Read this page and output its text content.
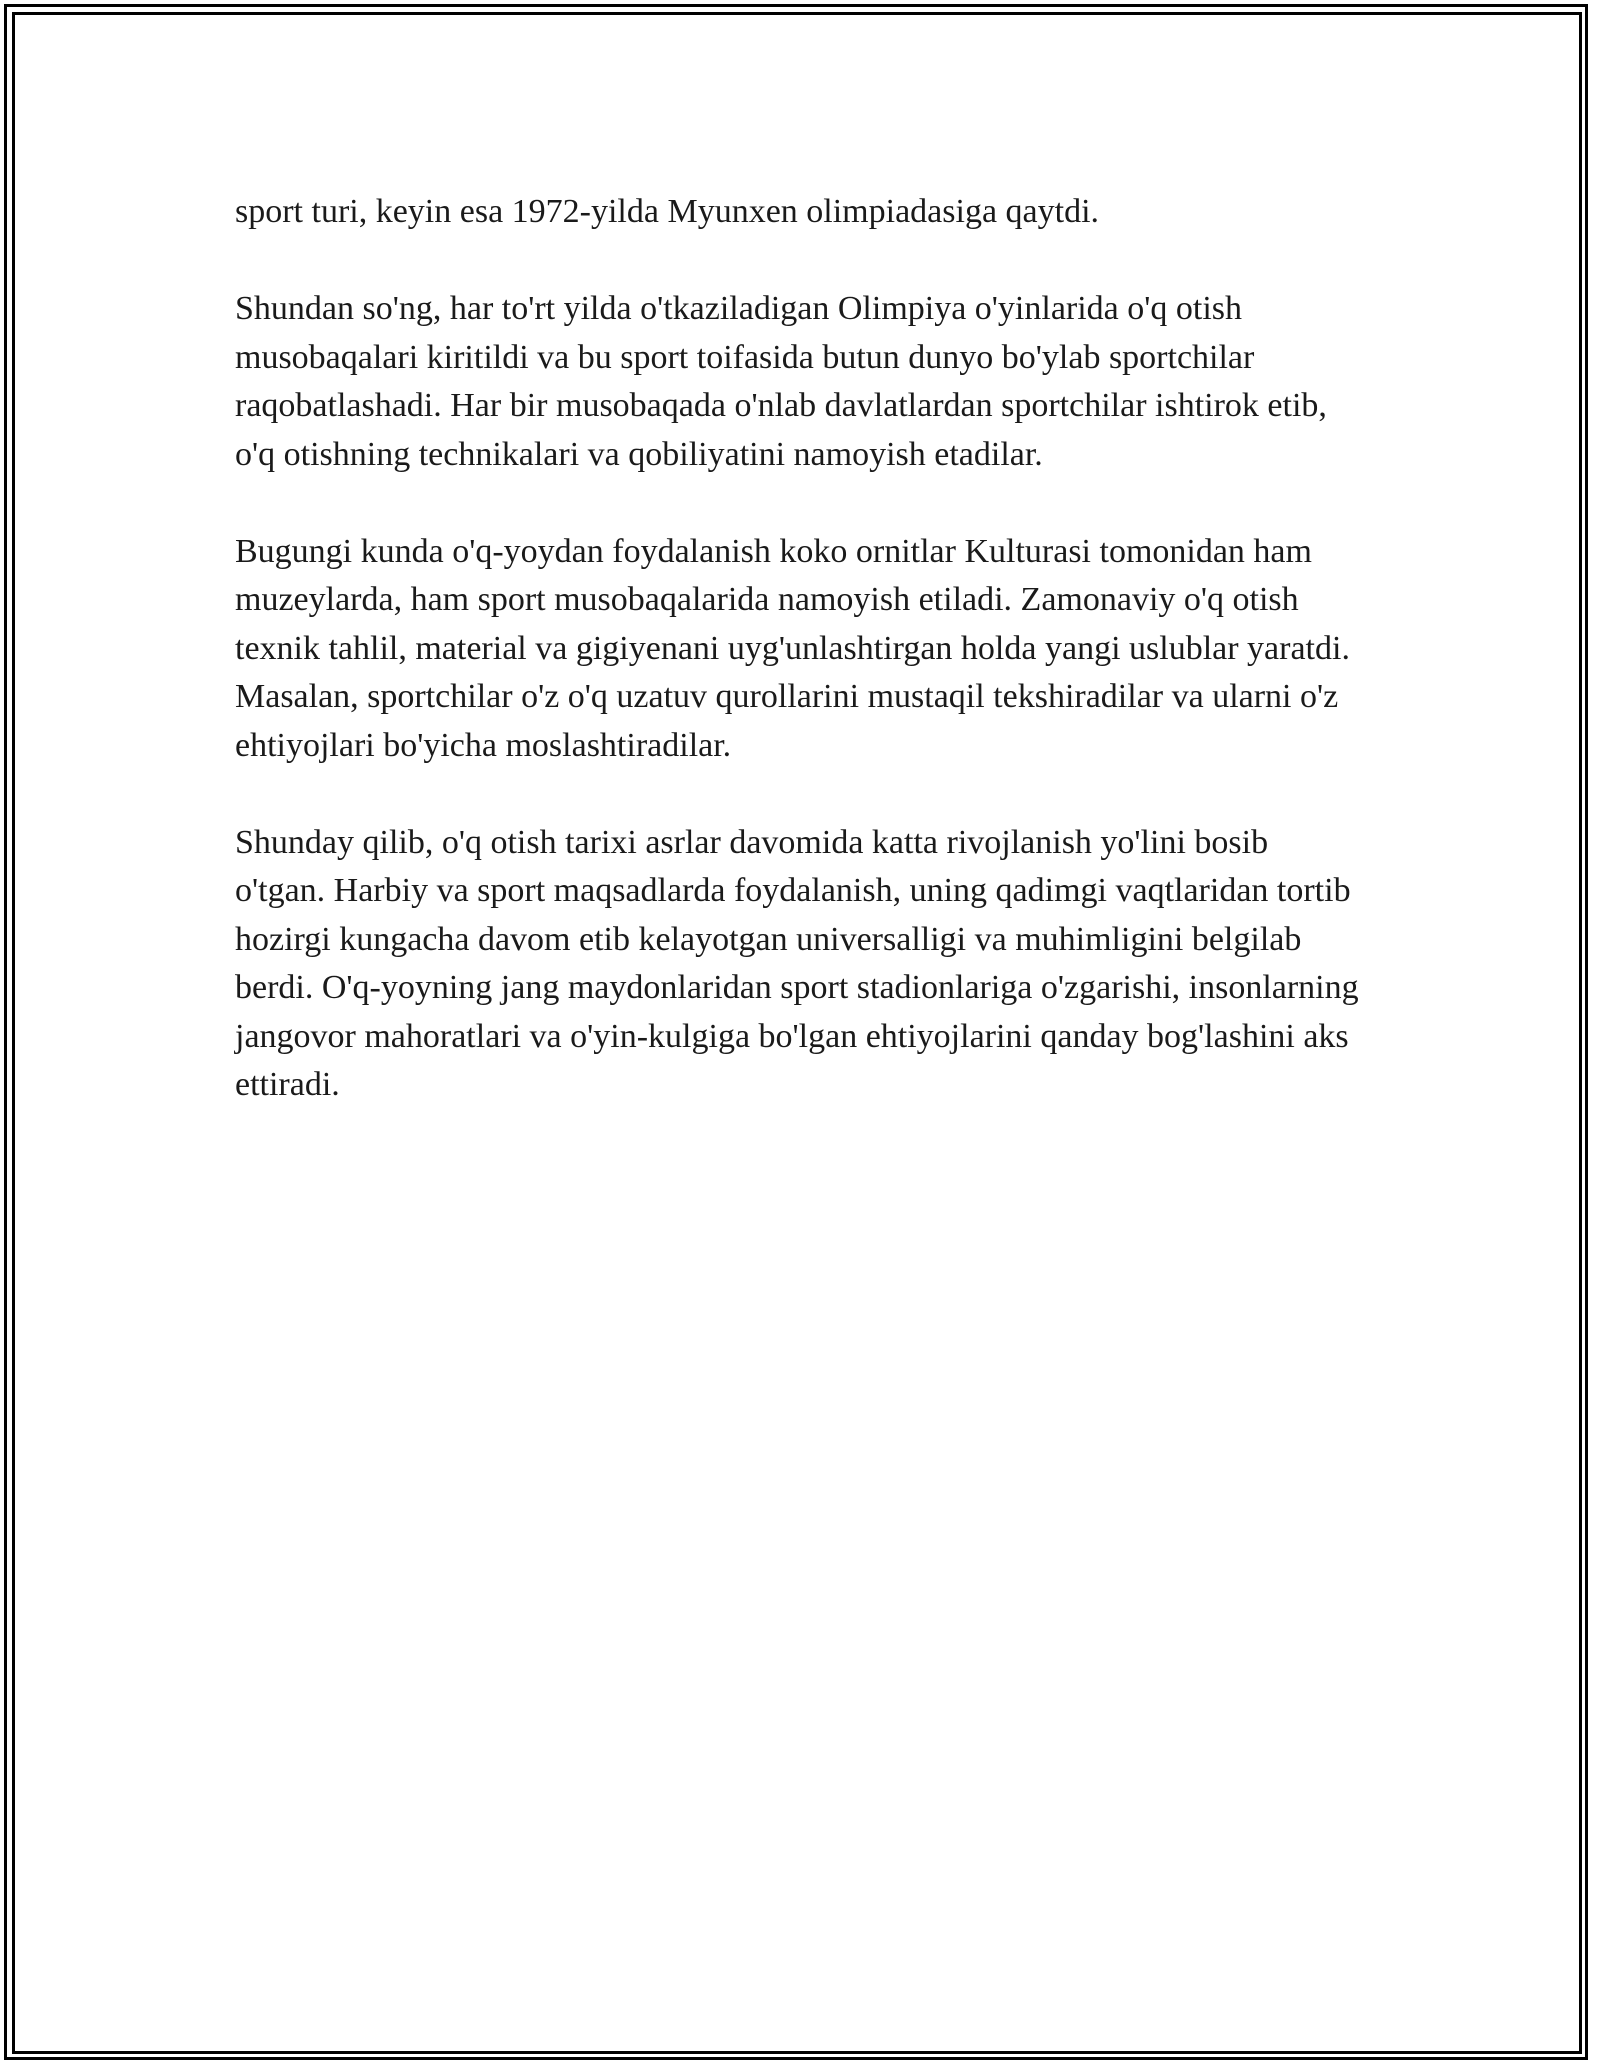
sport turi, keyin esa 1972-yilda Myunxen olimpiadasiga qaytdi.

Shundan so'ng, har to'rt yilda o'tkaziladigan Olimpiya o'yinlarida o'q otish musobaqalari kiritildi va bu sport toifasida butun dunyo bo'ylab sportchilar raqobatlashadi. Har bir musobaqada o'nlab davlatlardan sportchilar ishtirok etib, o'q otishning technikalari va qobiliyatini namoyish etadilar.

Bugungi kunda o'q-yoydan foydalanish koko ornitlar Kulturasi tomonidan ham muzeylarda, ham sport musobaqalarida namoyish etiladi. Zamonaviy o'q otish texnik tahlil, material va gigiyenani uyg'unlashtirgan holda yangi uslublar yaratdi. Masalan, sportchilar o'z o'q uzatuv qurollarini mustaqil tekshiradilar va ularni o'z ehtiyojlari bo'yicha moslashtiradilar.

Shunday qilib, o'q otish tarixi asrlar davomida katta rivojlanish yo'lini bosib o'tgan. Harbiy va sport maqsadlarda foydalanish, uning qadimgi vaqtlaridan tortib hozirgi kungacha davom etib kelayotgan universalligi va muhimligini belgilab berdi. O'q-yoyning jang maydonlaridan sport stadionlariga o'zgarishi, insonlarning jangovor mahoratlari va o'yin-kulgiga bo'lgan ehtiyojlarini qanday bog'lashini aks ettiradi.
